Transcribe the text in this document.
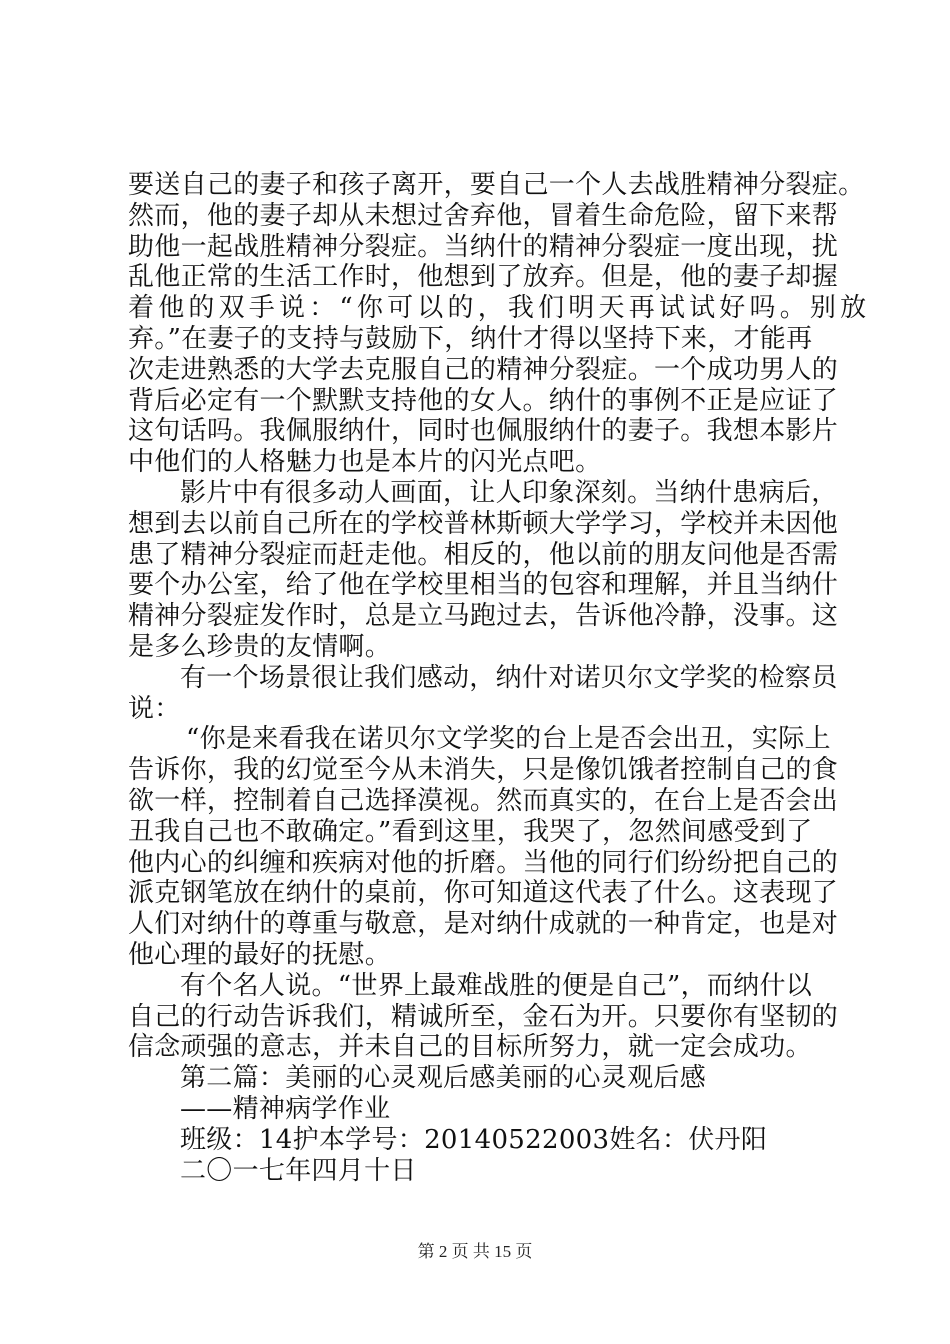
要送自己的妻子和孩子离开，要自己一个人去战胜精神分裂症。
然而，他的妻子却从未想过舍弃他，冒着生命危险，留下来帮
助他一起战胜精神分裂症。当纳什的精神分裂症一度出现，扰
乱他正常的生活工作时，他想到了放弃。但是，他的妻子却握
着他的双手说：“你可以的，我们明天再试试好吗。别放
弃。”在妻子的支持与鼓励下，纳什才得以坚持下来，才能再
次走进熟悉的大学去克服自己的精神分裂症。一个成功男人的
背后必定有一个默默支持他的女人。纳什的事例不正是应证了
这句话吗。我佩服纳什，同时也佩服纳什的妻子。我想本影片
中他们的人格魅力也是本片的闪光点吧。
影片中有很多动人画面，让人印象深刻。当纳什患病后，
想到去以前自己所在的学校普林斯顿大学学习，学校并未因他
患了精神分裂症而赶走他。相反的，他以前的朋友问他是否需
要个办公室，给了他在学校里相当的包容和理解，并且当纳什
精神分裂症发作时，总是立马跑过去，告诉他冷静，没事。这
是多么珍贵的友情啊。
有一个场景很让我们感动，纳什对诺贝尔文学奖的检察员
说：
“你是来看我在诺贝尔文学奖的台上是否会出丑，实际上
告诉你，我的幻觉至今从未消失，只是像饥饿者控制自己的食
欲一样，控制着自己选择漠视。然而真实的，在台上是否会出
丑我自己也不敢确定。”看到这里，我哭了，忽然间感受到了
他内心的纠缠和疾病对他的折磨。当他的同行们纷纷把自己的
派克钢笔放在纳什的桌前，你可知道这代表了什么。这表现了
人们对纳什的尊重与敬意，是对纳什成就的一种肯定，也是对
他心理的最好的抚慰。
有个名人说。“世界上最难战胜的便是自己”，而纳什以
自己的行动告诉我们，精诚所至，金石为开。只要你有坚韧的
信念顽强的意志，并未自己的目标所努力，就一定会成功。
第二篇：美丽的心灵观后感美丽的心灵观后感
——精神病学作业
班级：14护本学号：20140522003姓名：伏丹阳
二〇一七年四月十日
第 2 页 共 15 页
